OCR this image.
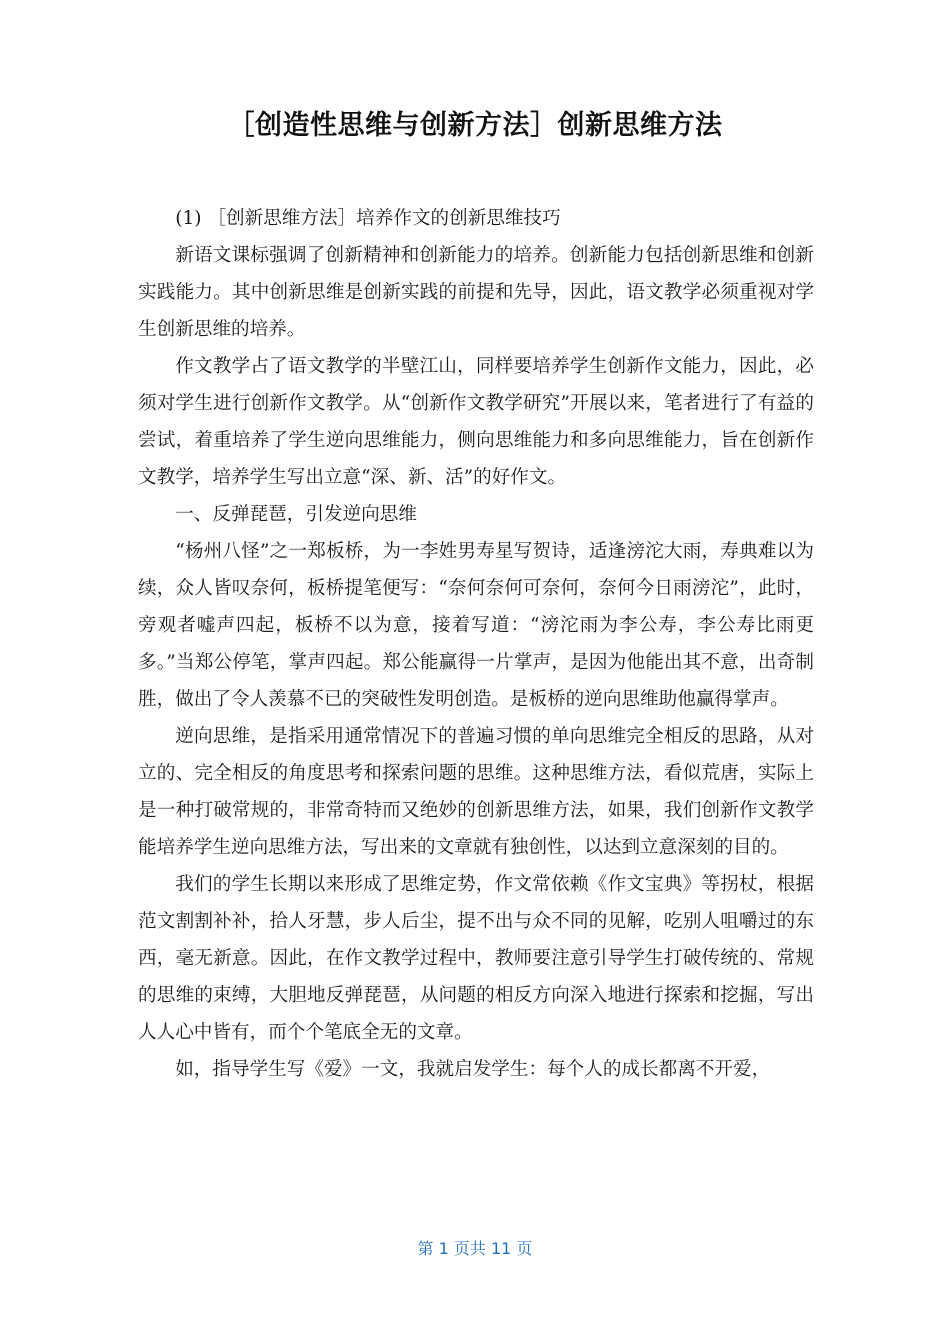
［创造性思维与创新方法］创新思维方法

(1) ［创新思维方法］培养作文的创新思维技巧

新语文课标强调了创新精神和创新能力的培养。创新能力包括创新思维和创新实践能力。其中创新思维是创新实践的前提和先导，因此，语文教学必须重视对学生创新思维的培养。

作文教学占了语文教学的半壁江山，同样要培养学生创新作文能力，因此，必须对学生进行创新作文教学。从“创新作文教学研究”开展以来，笔者进行了有益的尝试，着重培养了学生逆向思维能力，侧向思维能力和多向思维能力，旨在创新作文教学，培养学生写出立意“深、新、活”的好作文。

一、反弹琵琶，引发逆向思维

“杨州八怪”之一郑板桥，为一李姓男寿星写贺诗，适逢滂沱大雨，寿典难以为续，众人皆叹奈何，板桥提笔便写：“奈何奈何可奈何，奈何今日雨滂沱”，此时，旁观者嘘声四起，板桥不以为意，接着写道：“滂沱雨为李公寿，李公寿比雨更多。”当郑公停笔，掌声四起。郑公能赢得一片掌声，是因为他能出其不意，出奇制胜，做出了令人羡慕不已的突破性发明创造。是板桥的逆向思维助他赢得掌声。

逆向思维，是指采用通常情况下的普遍习惯的单向思维完全相反的思路，从对立的、完全相反的角度思考和探索问题的思维。这种思维方法，看似荒唐，实际上是一种打破常规的，非常奇特而又绝妙的创新思维方法，如果，我们创新作文教学能培养学生逆向思维方法，写出来的文章就有独创性，以达到立意深刻的目的。

我们的学生长期以来形成了思维定势，作文常依赖《作文宝典》等拐杖，根据范文割割补补，拾人牙慧，步人后尘，提不出与众不同的见解，吃别人咀嚼过的东西，毫无新意。因此，在作文教学过程中，教师要注意引导学生打破传统的、常规的思维的束缚，大胆地反弹琵琶，从问题的相反方向深入地进行探索和挖掘，写出人人心中皆有，而个个笔底全无的文章。

如，指导学生写《爱》一文，我就启发学生：每个人的成长都离不开爱，

第 1 页共 11 页
